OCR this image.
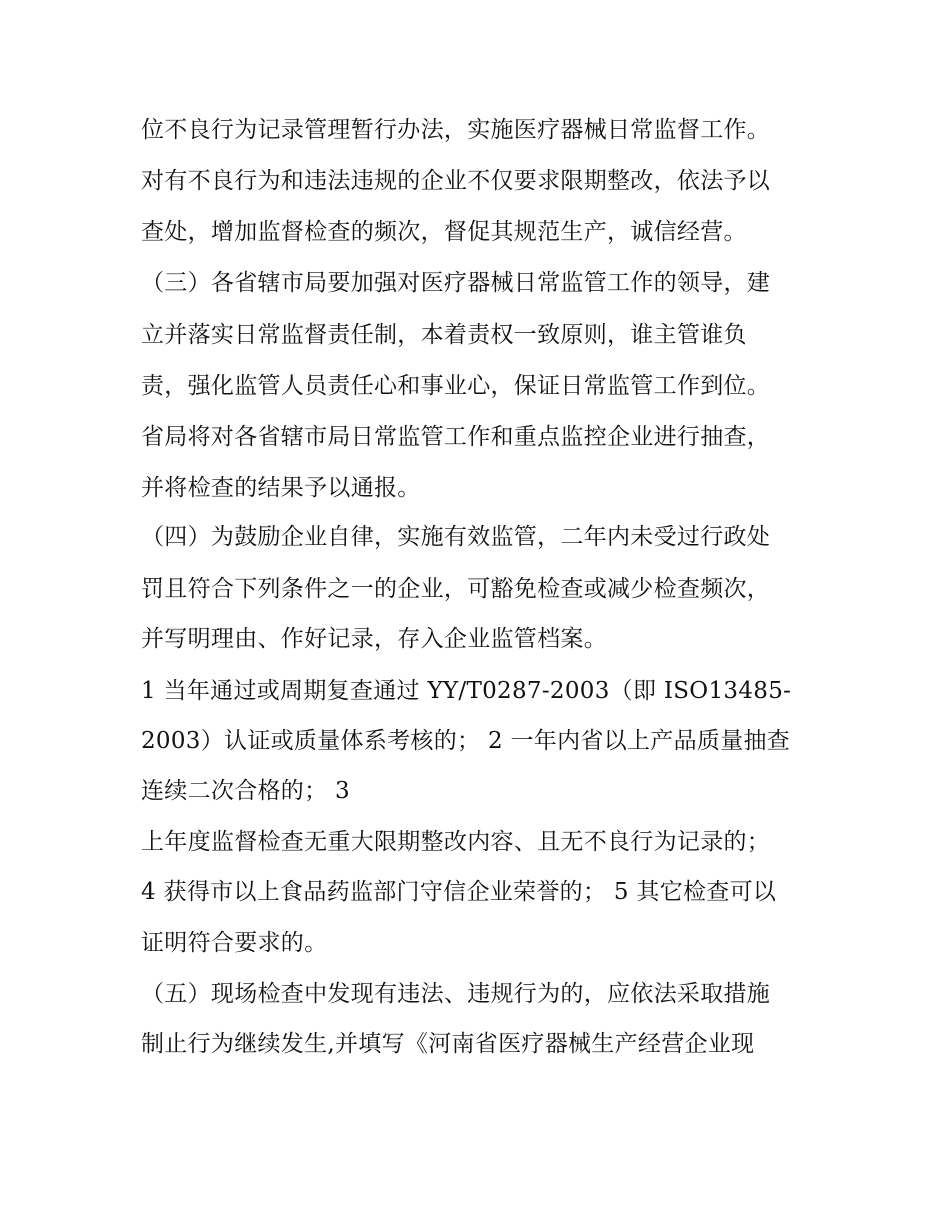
位不良行为记录管理暂行办法，实施医疗器械日常监督工作。

对有不良行为和违法违规的企业不仅要求限期整改，依法予以

查处，增加监督检查的频次，督促其规范生产，诚信经营。

（三）各省辖市局要加强对医疗器械日常监管工作的领导，建

立并落实日常监督责任制，本着责权一致原则，谁主管谁负

责，强化监管人员责任心和事业心，保证日常监管工作到位。

省局将对各省辖市局日常监管工作和重点监控企业进行抽查，

并将检查的结果予以通报。

（四）为鼓励企业自律，实施有效监管，二年内未受过行政处

罚且符合下列条件之一的企业，可豁免检查或减少检查频次，

并写明理由、作好记录，存入企业监管档案。

1 当年通过或周期复查通过 YY/T0287-2003（即 ISO13485-

2003）认证或质量体系考核的； 2 一年内省以上产品质量抽查

连续二次合格的； 3

上年度监督检查无重大限期整改内容、且无不良行为记录的；

4 获得市以上食品药监部门守信企业荣誉的； 5 其它检查可以

证明符合要求的。

（五）现场检查中发现有违法、违规行为的，应依法采取措施

制止行为继续发生,并填写《河南省医疗器械生产经营企业现
